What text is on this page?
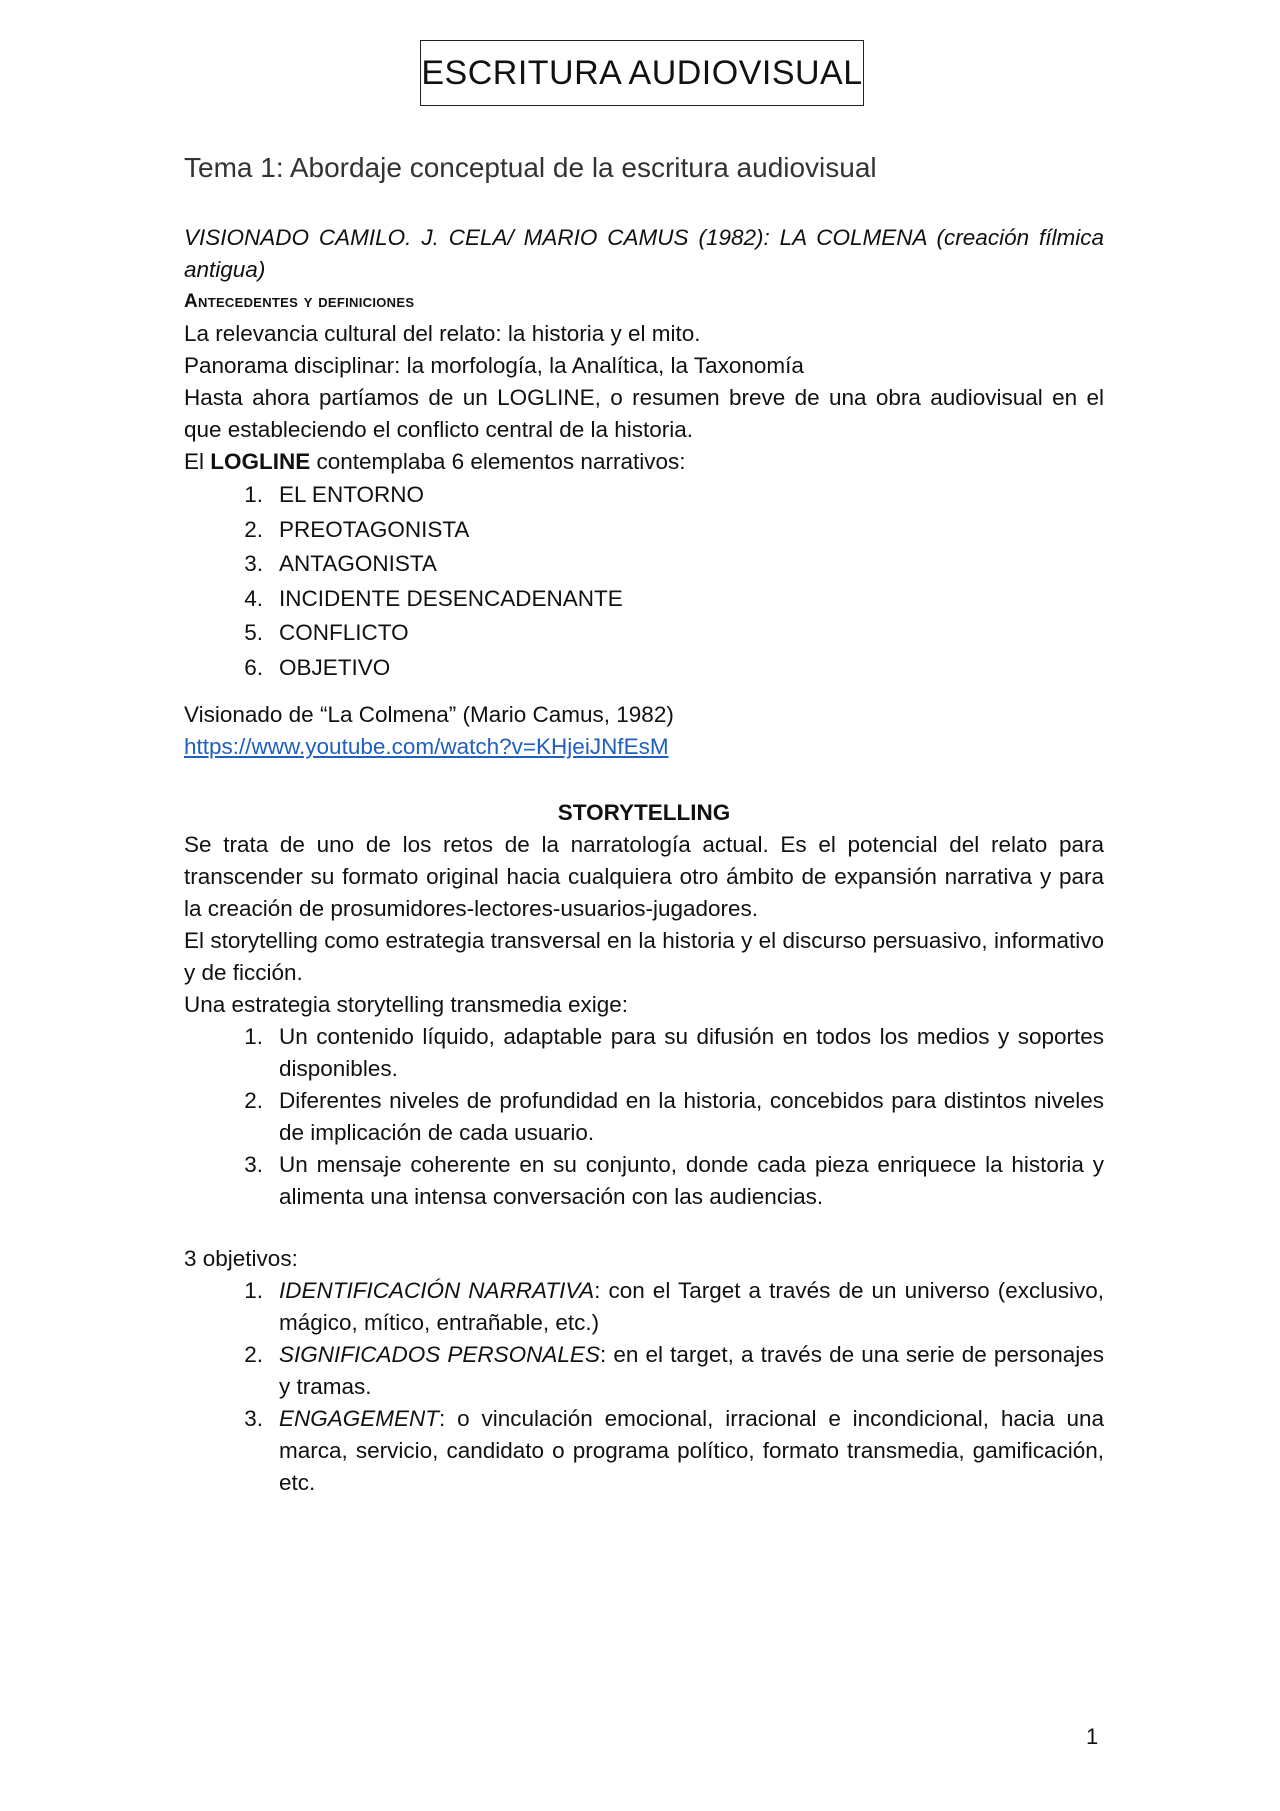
ESCRITURA AUDIOVISUAL
Tema 1: Abordaje conceptual de la escritura audiovisual

VISIONADO CAMILO. J. CELA/ MARIO CAMUS (1982): LA COLMENA (creación fílmica antigua)

Antecedentes y definiciones

La relevancia cultural del relato: la historia y el mito.

Panorama disciplinar: la morfología, la Analítica, la Taxonomía

Hasta ahora partíamos de un LOGLINE, o resumen breve de una obra audiovisual en el que estableciendo el conflicto central de la historia.

El LOGLINE contemplaba 6 elementos narrativos:

1. EL ENTORNO
2. PREOTAGONISTA
3. ANTAGONISTA
4. INCIDENTE DESENCADENANTE
5. CONFLICTO
6. OBJETIVO

Visionado de “La Colmena” (Mario Camus, 1982)

https://www.youtube.com/watch?v=KHjeiJNfEsM

STORYTELLING

Se trata de uno de los retos de la narratología actual. Es el potencial del relato para transcender su formato original hacia cualquiera otro ámbito de expansión narrativa y para la creación de prosumidores-lectores-usuarios-jugadores.

El storytelling como estrategia transversal en la historia y el discurso persuasivo, informativo y de ficción.

Una estrategia storytelling transmedia exige:

1. Un contenido líquido, adaptable para su difusión en todos los medios y soportes disponibles.
2. Diferentes niveles de profundidad en la historia, concebidos para distintos niveles de implicación de cada usuario.
3. Un mensaje coherente en su conjunto, donde cada pieza enriquece la historia y alimenta una intensa conversación con las audiencias.

3 objetivos:

1. IDENTIFICACIÓN NARRATIVA: con el Target a través de un universo (exclusivo, mágico, mítico, entrañable, etc.)
2. SIGNIFICADOS PERSONALES: en el target, a través de una serie de personajes y tramas.
3. ENGAGEMENT: o vinculación emocional, irracional e incondicional, hacia una marca, servicio, candidato o programa político, formato transmedia, gamificación, etc.
1
